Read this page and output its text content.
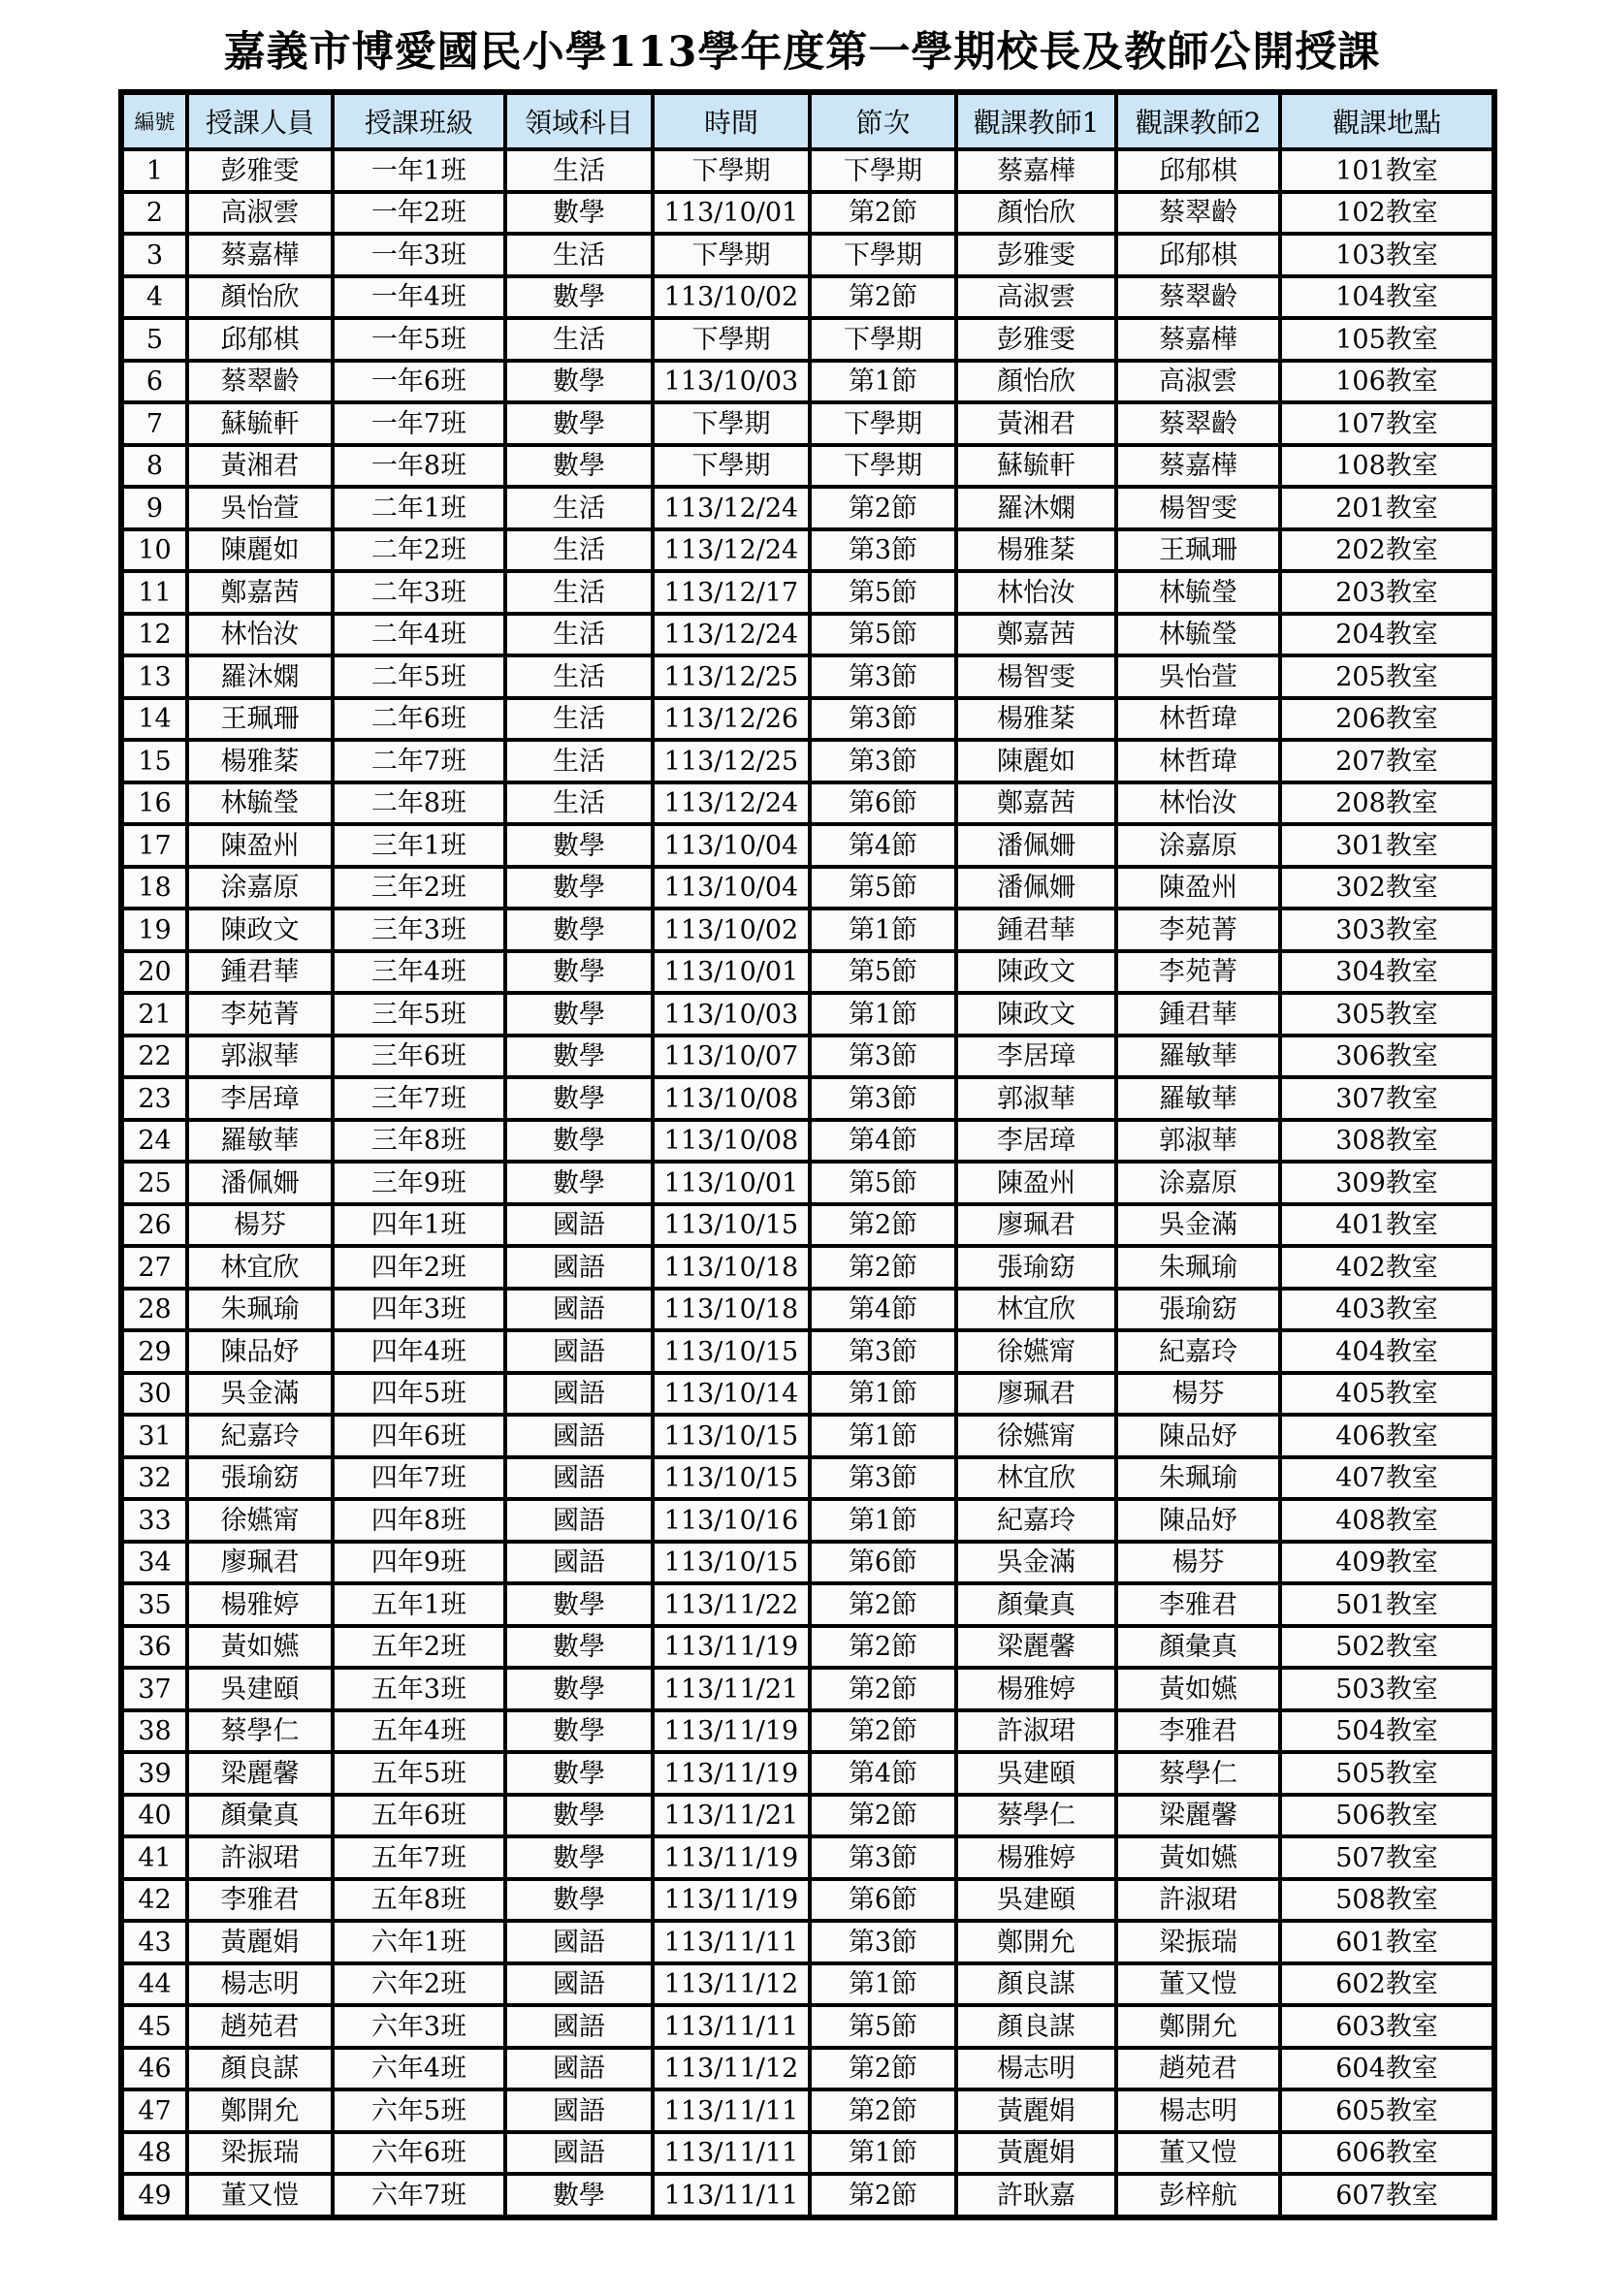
嘉義市博愛國民小學113學年度第一學期校長及教師公開授課
編號	授課人員	授課班級	領域科目	時間	節次	觀課教師1	觀課教師2	觀課地點
1	彭雅雯	一年1班	生活	下學期	下學期	蔡嘉樺	邱郁棋	101教室
2	高淑雲	一年2班	數學	113/10/01	第2節	顏怡欣	蔡翠齡	102教室
3	蔡嘉樺	一年3班	生活	下學期	下學期	彭雅雯	邱郁棋	103教室
4	顏怡欣	一年4班	數學	113/10/02	第2節	高淑雲	蔡翠齡	104教室
5	邱郁棋	一年5班	生活	下學期	下學期	彭雅雯	蔡嘉樺	105教室
6	蔡翠齡	一年6班	數學	113/10/03	第1節	顏怡欣	高淑雲	106教室
7	蘇毓軒	一年7班	數學	下學期	下學期	黃湘君	蔡翠齡	107教室
8	黃湘君	一年8班	數學	下學期	下學期	蘇毓軒	蔡嘉樺	108教室
9	吳怡萱	二年1班	生活	113/12/24	第2節	羅沐嫻	楊智雯	201教室
10	陳麗如	二年2班	生活	113/12/24	第3節	楊雅棻	王珮珊	202教室
11	鄭嘉茜	二年3班	生活	113/12/17	第5節	林怡汝	林毓瑩	203教室
12	林怡汝	二年4班	生活	113/12/24	第5節	鄭嘉茜	林毓瑩	204教室
13	羅沐嫻	二年5班	生活	113/12/25	第3節	楊智雯	吳怡萱	205教室
14	王珮珊	二年6班	生活	113/12/26	第3節	楊雅棻	林哲瑋	206教室
15	楊雅棻	二年7班	生活	113/12/25	第3節	陳麗如	林哲瑋	207教室
16	林毓瑩	二年8班	生活	113/12/24	第6節	鄭嘉茜	林怡汝	208教室
17	陳盈州	三年1班	數學	113/10/04	第4節	潘佩姍	涂嘉原	301教室
18	涂嘉原	三年2班	數學	113/10/04	第5節	潘佩姍	陳盈州	302教室
19	陳政文	三年3班	數學	113/10/02	第1節	鍾君華	李苑菁	303教室
20	鍾君華	三年4班	數學	113/10/01	第5節	陳政文	李苑菁	304教室
21	李苑菁	三年5班	數學	113/10/03	第1節	陳政文	鍾君華	305教室
22	郭淑華	三年6班	數學	113/10/07	第3節	李居璋	羅敏華	306教室
23	李居璋	三年7班	數學	113/10/08	第3節	郭淑華	羅敏華	307教室
24	羅敏華	三年8班	數學	113/10/08	第4節	李居璋	郭淑華	308教室
25	潘佩姍	三年9班	數學	113/10/01	第5節	陳盈州	涂嘉原	309教室
26	楊芬	四年1班	國語	113/10/15	第2節	廖珮君	吳金滿	401教室
27	林宜欣	四年2班	國語	113/10/18	第2節	張瑜窈	朱珮瑜	402教室
28	朱珮瑜	四年3班	國語	113/10/18	第4節	林宜欣	張瑜窈	403教室
29	陳品妤	四年4班	國語	113/10/15	第3節	徐嬿甯	紀嘉玲	404教室
30	吳金滿	四年5班	國語	113/10/14	第1節	廖珮君	楊芬	405教室
31	紀嘉玲	四年6班	國語	113/10/15	第1節	徐嬿甯	陳品妤	406教室
32	張瑜窈	四年7班	國語	113/10/15	第3節	林宜欣	朱珮瑜	407教室
33	徐嬿甯	四年8班	國語	113/10/16	第1節	紀嘉玲	陳品妤	408教室
34	廖珮君	四年9班	國語	113/10/15	第6節	吳金滿	楊芬	409教室
35	楊雅婷	五年1班	數學	113/11/22	第2節	顏彙真	李雅君	501教室
36	黃如嬿	五年2班	數學	113/11/19	第2節	梁麗馨	顏彙真	502教室
37	吳建頤	五年3班	數學	113/11/21	第2節	楊雅婷	黃如嬿	503教室
38	蔡學仁	五年4班	數學	113/11/19	第2節	許淑珺	李雅君	504教室
39	梁麗馨	五年5班	數學	113/11/19	第4節	吳建頤	蔡學仁	505教室
40	顏彙真	五年6班	數學	113/11/21	第2節	蔡學仁	梁麗馨	506教室
41	許淑珺	五年7班	數學	113/11/19	第3節	楊雅婷	黃如嬿	507教室
42	李雅君	五年8班	數學	113/11/19	第6節	吳建頤	許淑珺	508教室
43	黃麗娟	六年1班	國語	113/11/11	第3節	鄭開允	梁振瑞	601教室
44	楊志明	六年2班	國語	113/11/12	第1節	顏良謀	董又愷	602教室
45	趙苑君	六年3班	國語	113/11/11	第5節	顏良謀	鄭開允	603教室
46	顏良謀	六年4班	國語	113/11/12	第2節	楊志明	趙苑君	604教室
47	鄭開允	六年5班	國語	113/11/11	第2節	黃麗娟	楊志明	605教室
48	梁振瑞	六年6班	國語	113/11/11	第1節	黃麗娟	董又愷	606教室
49	董又愷	六年7班	數學	113/11/11	第2節	許耿嘉	彭梓航	607教室
